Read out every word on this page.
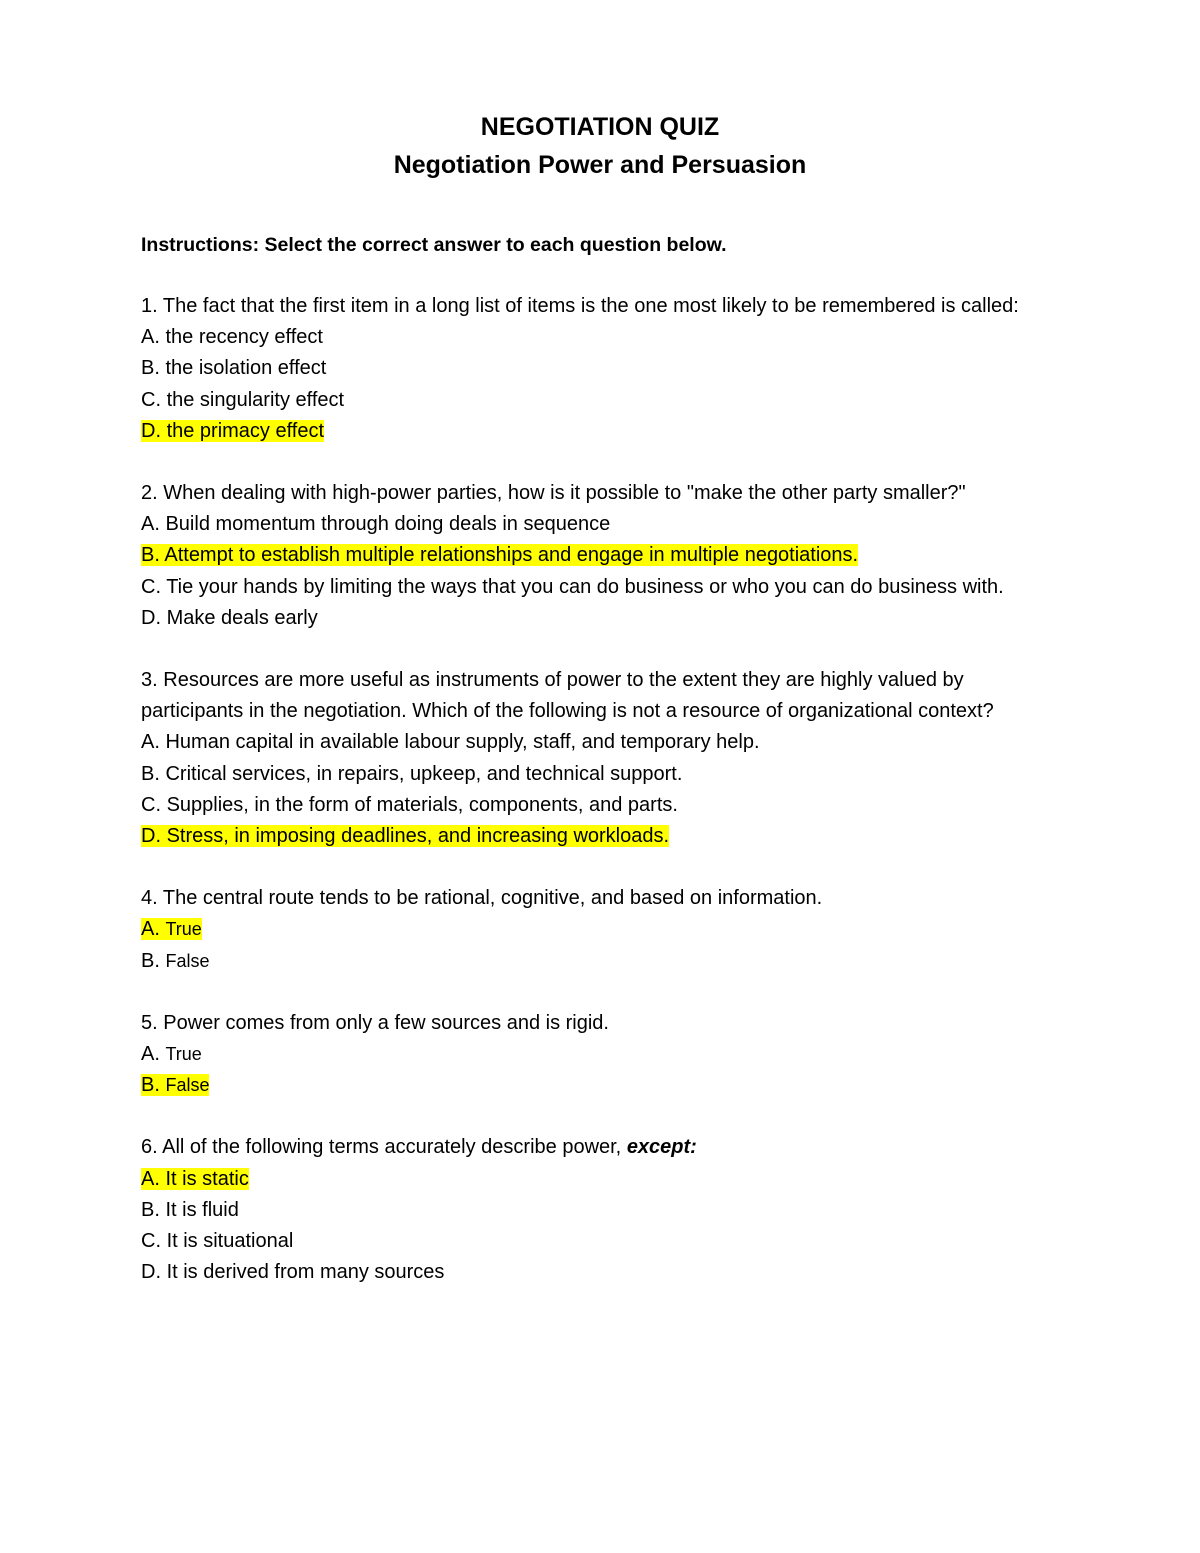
NEGOTIATION QUIZ
Negotiation Power and Persuasion

Instructions: Select the correct answer to each question below.

1. The fact that the first item in a long list of items is the one most likely to be remembered is called:

A. the recency effect

B. the isolation effect

C. the singularity effect

D. the primacy effect

2. When dealing with high-power parties, how is it possible to "make the other party smaller?"

A. Build momentum through doing deals in sequence

B. Attempt to establish multiple relationships and engage in multiple negotiations.

C. Tie your hands by limiting the ways that you can do business or who you can do business with.

D. Make deals early

3. Resources are more useful as instruments of power to the extent they are highly valued by participants in the negotiation. Which of the following is not a resource of organizational context?

A. Human capital in available labour supply, staff, and temporary help.

B. Critical services, in repairs, upkeep, and technical support.

C. Supplies, in the form of materials, components, and parts.

D. Stress, in imposing deadlines, and increasing workloads.

4. The central route tends to be rational, cognitive, and based on information.

A. True

B. False

5. Power comes from only a few sources and is rigid.

A. True

B. False

6. All of the following terms accurately describe power, except:

A. It is static

B. It is fluid

C. It is situational

D. It is derived from many sources
